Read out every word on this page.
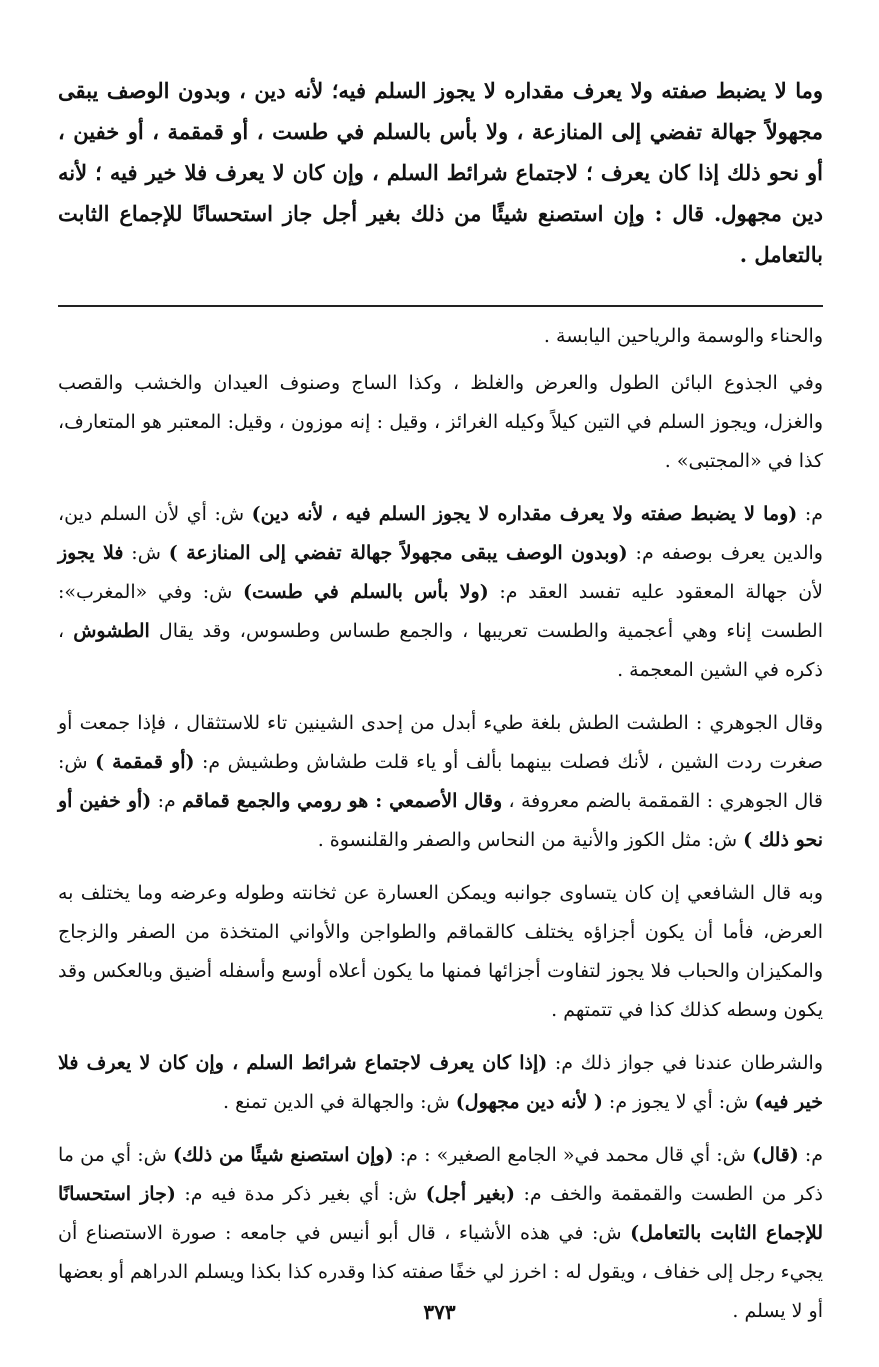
وما لا يضبط صفته ولا يعرف مقداره لا يجوز السلم فيه؛ لأنه دين ، وبدون الوصف يبقى مجهولاً جهالة تفضي إلى المنازعة ، ولا بأس بالسلم في طست ، أو قمقمة ، أو خفين ، أو نحو ذلك إذا كان يعرف ؛ لاجتماع شرائط السلم ، وإن كان لا يعرف فلا خير فيه ؛ لأنه دين مجهول. قال : وإن استصنع شيئًا من ذلك بغير أجل جاز استحسانًا للإجماع الثابت بالتعامل .

والحناء والوسمة والرياحين اليابسة .

وفي الجذوع البائن الطول والعرض والغلظ ، وكذا الساج وصنوف العيدان والخشب والقصب والغزل، ويجوز السلم في التين كيلاً وكيله الغرائز ، وقيل : إنه موزون ، وقيل: المعتبر هو المتعارف، كذا في «المجتبى» .

م: (وما لا يضبط صفته ولا يعرف مقداره لا يجوز السلم فيه ، لأنه دين) ش: أي لأن السلم دين، والدين يعرف بوصفه م: (وبدون الوصف يبقى مجهولاً جهالة تفضي إلى المنازعة ) ش: فلا يجوز لأن جهالة المعقود عليه تفسد العقد م: (ولا بأس بالسلم في طست) ش: وفي «المغرب»: الطست إناء وهي أعجمية والطست تعريبها ، والجمع طساس وطسوس، وقد يقال الطشوش ، ذكره في الشين المعجمة .

وقال الجوهري : الطشت الطش بلغة طيء أبدل من إحدى الشينين تاء للاستثقال ، فإذا جمعت أو صغرت ردت الشين ، لأنك فصلت بينهما بألف أو ياء قلت طشاش وطشيش م: (أو قمقمة ) ش: قال الجوهري : القمقمة بالضم معروفة ، وقال الأصمعي : هو رومي والجمع قماقم م: (أو خفين أو نحو ذلك ) ش: مثل الكوز والأنية من النحاس والصفر والقلنسوة .

وبه قال الشافعي إن كان يتساوى جوانبه ويمكن العسارة عن ثخانته وطوله وعرضه وما يختلف به العرض، فأما أن يكون أجزاؤه يختلف كالقماقم والطواجن والأواني المتخذة من الصفر والزجاج والمكيزان والحباب فلا يجوز لتفاوت أجزائها فمنها ما يكون أعلاه أوسع وأسفله أضيق وبالعكس وقد يكون وسطه كذلك كذا في تتمتهم .

والشرطان عندنا في جواز ذلك م: (إذا كان يعرف لاجتماع شرائط السلم ، وإن كان لا يعرف فلا خير فيه) ش: أي لا يجوز م: ( لأنه دين مجهول) ش: والجهالة في الدين تمنع .

م: (قال) ش: أي قال محمد في« الجامع الصغير» : م: (وإن استصنع شيئًا من ذلك) ش: أي من ما ذكر من الطست والقمقمة والخف م: (بغير أجل) ش: أي بغير ذكر مدة فيه م: (جاز استحسانًا للإجماع الثابت بالتعامل) ش: في هذه الأشياء ، قال أبو أنيس في جامعه : صورة الاستصناع أن يجيء رجل إلى خفاف ، ويقول له : اخرز لي خفًا صفته كذا وقدره كذا بكذا ويسلم الدراهم أو بعضها أو لا يسلم .

٣٧٣
